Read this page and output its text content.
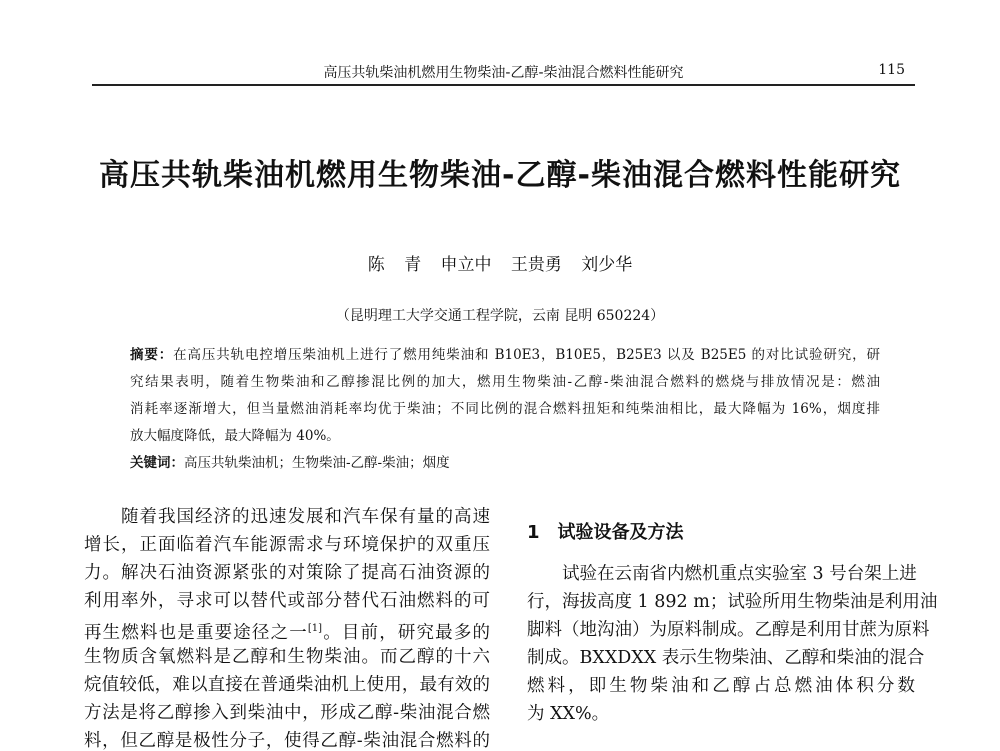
高压共轨柴油机燃用生物柴油-乙醇-柴油混合燃料性能研究	115
高压共轨柴油机燃用生物柴油-乙醇-柴油混合燃料性能研究
陈 青 申立中 王贵勇 刘少华
（昆明理工大学交通工程学院，云南 昆明 650224）
摘要：在高压共轨电控增压柴油机上进行了燃用纯柴油和 B10E3，B10E5，B25E3 以及 B25E5 的对比试验研究，研
究结果表明，随着生物柴油和乙醇掺混比例的加大，燃用生物柴油-乙醇-柴油混合燃料的燃烧与排放情况是：燃油
消耗率逐渐增大，但当量燃油消耗率均优于柴油；不同比例的混合燃料扭矩和纯柴油相比，最大降幅为 16%，烟度排
放大幅度降低，最大降幅为 40%。
关键词：高压共轨柴油机；生物柴油-乙醇-柴油；烟度
　　随着我国经济的迅速发展和汽车保有量的高速
增长，正面临着汽车能源需求与环境保护的双重压
力。解决石油资源紧张的对策除了提高石油资源的
利用率外，寻求可以替代或部分替代石油燃料的可
再生燃料也是重要途径之一[1]。目前，研究最多的
生物质含氧燃料是乙醇和生物柴油。而乙醇的十六
烷值较低，难以直接在普通柴油机上使用，最有效的
方法是将乙醇掺入到柴油中，形成乙醇-柴油混合燃
料，但乙醇是极性分子，使得乙醇-柴油混合燃料的
1 试验设备及方法
　　试验在云南省内燃机重点实验室 3 号台架上进
行，海拔高度 1 892 m；试验所用生物柴油是利用油
脚料（地沟油）为原料制成。乙醇是利用甘蔗为原料
制成。BXXDXX 表示生物柴油、乙醇和柴油的混合
燃料，即生物柴油和乙醇占总燃油体积分数
为 XX%。
